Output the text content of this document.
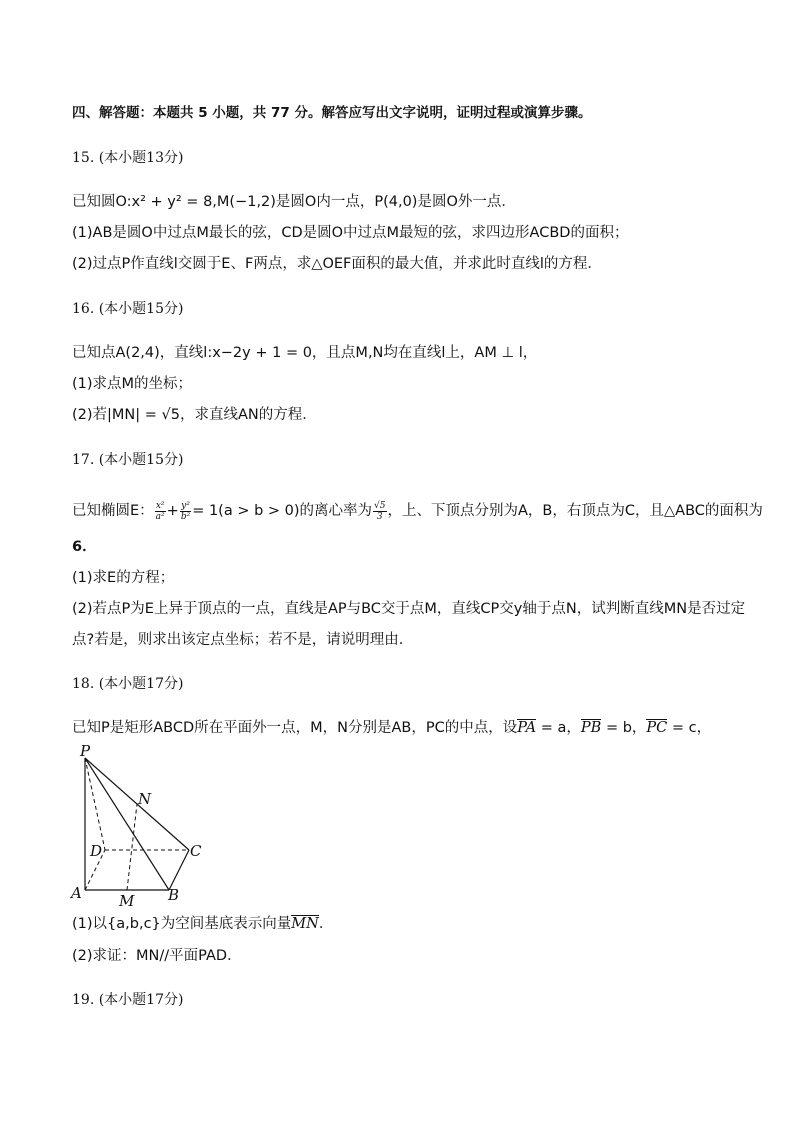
四、解答题：本题共 5 小题，共 77 分。解答应写出文字说明，证明过程或演算步骤。
15. (本小题13分)
已知圆O:x² + y² = 8,M(−1,2)是圆O内一点，P(4,0)是圆O外一点．
(1)AB是圆O中过点M最长的弦，CD是圆O中过点M最短的弦，求四边形ACBD的面积；
(2)过点P作直线l交圆于E、F两点，求△OEF面积的最大值，并求此时直线l的方程．
16. (本小题15分)
已知点A(2,4)，直线l:x−2y + 1 = 0，且点M,N均在直线l上，AM ⊥ l，
(1)求点M的坐标；
(2)若|MN| = √5，求直线AN的方程．
17. (本小题15分)
已知椭圆E： $\frac{\text{x²}}{\text{a²}} + \frac{\text{y²}}{\text{b²}} = 1(a > b > 0)$的离心率为 $\frac{√5}{3}$ ，上、下顶点分别为A，B，右顶点为C，且△ABC的面积为
6．
(1)求E的方程；
(2)若点P为E上异于顶点的一点，直线是AP与BC交于点M，直线CP交y轴于点N，试判断直线MN是否过定
点?若是，则求出该定点坐标；若不是，请说明理由．
18. (本小题17分)
已知P是矩形ABCD所在平面外一点，M，N分别是AB，PC的中点，设PA = a，PB = b，PC = c，
P
N
D	C
A M B
(1)以{a,b,c}为空间基底表示向量MN．
(2)求证：MN//平面PAD．
19. (本小题17分)
